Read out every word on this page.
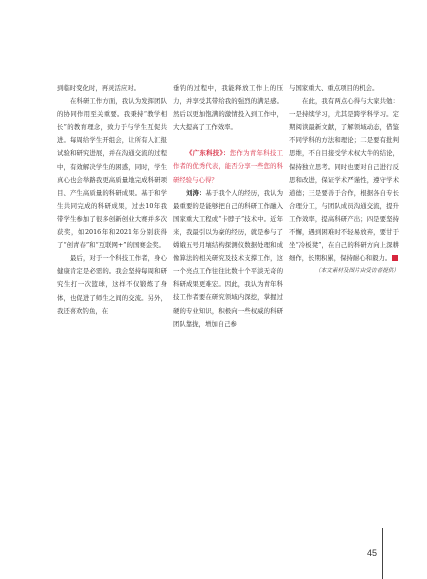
到临时变化时，再灵活应对。

在科研工作方面，我认为发挥团队的协同作用至关重要。我秉持“教学相长”的教育理念，致力于与学生互促共进。每周给学生开组会，让所有人汇报试验和研究进展，并在沟通交流的过程中，有效解决学生的困惑，同时，学生真心也会举路我更高质量地完成科研项目、产生高质量的科研成果。基于和学生共同完成的科研成果，过去10年我带学生参加了很多创新创业大赛并多次获奖，如2016年和2021年分别获得了“创青春”和“互联网+”的国赛金奖。

最后，对于一个科技工作者，身心健康肯定是必需的。我会坚持每周和研究生打一次篮球，这样不仅锻炼了身体，也促进了师生之间的交流。另外，我还喜欢钓鱼，在

垂钓的过程中，我能释放工作上的压力，并享受其带给我的强烈的满足感。然后以更加饱满的激情投入到工作中，大大提高了工作效率。

《广东科技》：您作为青年科技工作者的优秀代表，能否分享一些您的科研经验与心得？

刘涛：基于我个人的经历，我认为最重要的是能够把自己的科研工作融入国家重大工程或“卡脖子”技术中。近年来，我最引以为豪的经历，就是参与了嫦娥五号月壤结构探测仪数据处理和成像算法的相关研究及技术支撑工作，这一个亮点工作往往比数十个平淡无奇的科研成果更难宏。因此，我认为青年科技工作者要在研究领域内深挖，掌握过硬的专业知识，积极向一些权威的科研团队靠拢，增加自己参

与国家重大、重点项目的机会。

在此，我有两点心得与大家共勉：一是持续学习，尤其是跨学科学习。定期阅读最新文献，了解领域动态，借鉴不同学科的方法和理论；二是要有批判思维，不自目接受学术权大牛的结论，保持独立思考。同时也要对自己进行反思和改进，保证学术严谨性，遵守学术道德；三是要善于合作，根据各自专长合理分工，与团队成员沟通交流，提升工作效率，提高科研产出；四是要坚持不懈，遇到困难时不轻易放弃，要甘于坐“冷板凳”，在自己的科研方向上深耕细作，长期积累，保持耐心和毅力。

（本文素材及图片由受访者提供）

45
